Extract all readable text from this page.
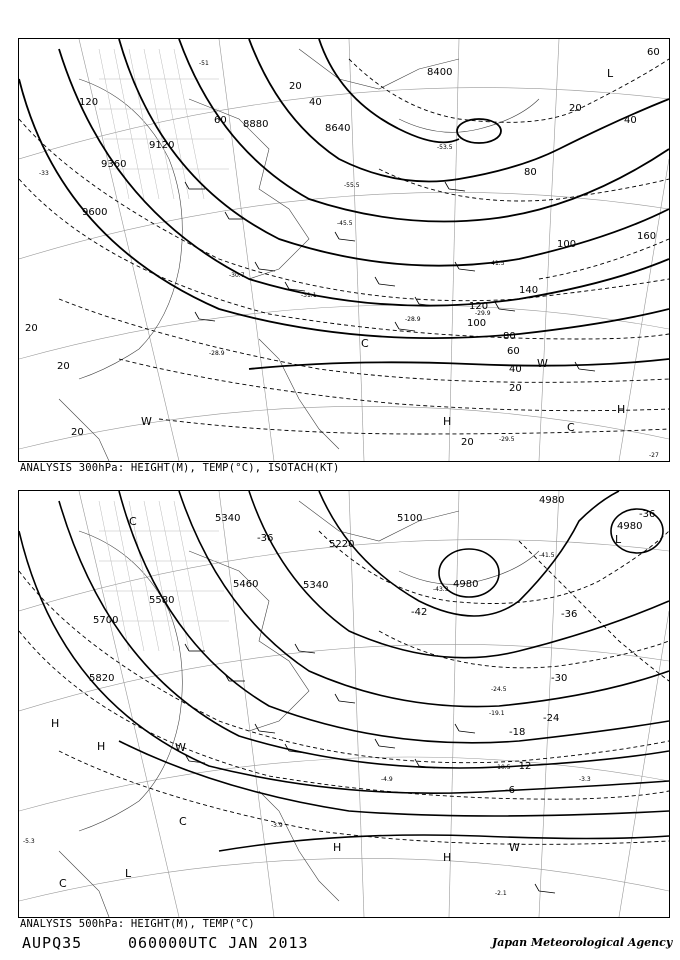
8400
8640
8880
9120
9360
9600
20
40
60
80
100
120
140
160
120
100
80
60
40
20
20
20
20
20
20
40
60
-51
-53.5
-55.5
-45.5
-41.5
-33
-30.7
-31.1
-29.9
-28.9
-28.9
-29.5
-27
H
H
C
C
W
W
L
ANALYSIS 300hPa: HEIGHT(M), TEMP(°C), ISOTACH(KT)
5100
5220
5340
5340
5460
5580
5700
5820
4980
4980
4980
-36
-36
-36
-42
-30
-24
-18
-12
-6
-41.5
-43.3
-24.5
-19.1
-10.5
-3.3
-2.1
-3.9
-4.9
-5.3
H
H
H
H
L
L
C
C
C
W
W
ANALYSIS 500hPa: HEIGHT(M), TEMP(°C)
AUPQ35	060000UTC JAN 2013	Japan Meteorological Agency
